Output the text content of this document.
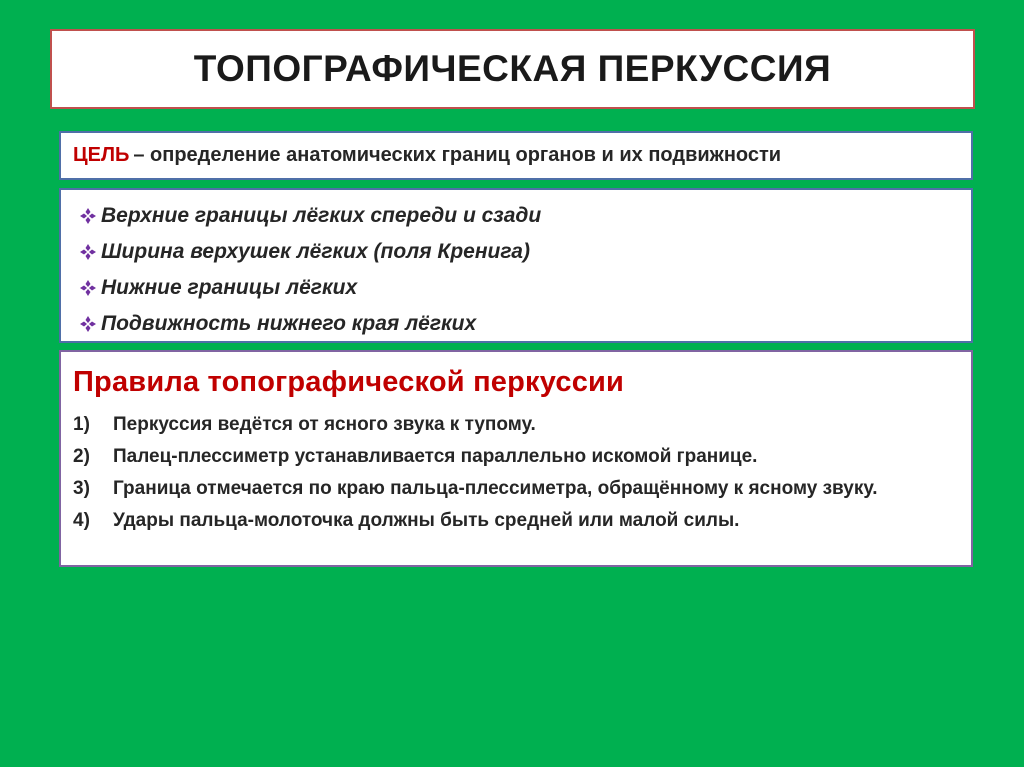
ТОПОГРАФИЧЕСКАЯ ПЕРКУССИЯ
ЦЕЛЬ – определение анатомических границ органов и их подвижности
Верхние границы лёгких спереди и сзади
Ширина верхушек лёгких (поля Кренига)
Нижние границы лёгких
Подвижность нижнего края лёгких
Правила топографической перкуссии
1)	Перкуссия ведётся от ясного звука к тупому.
2)	Палец-плессиметр устанавливается параллельно искомой границе.
3)	Граница отмечается по краю пальца-плессиметра, обращённому к ясному звуку.
4)	Удары пальца-молоточка должны быть средней или малой силы.
